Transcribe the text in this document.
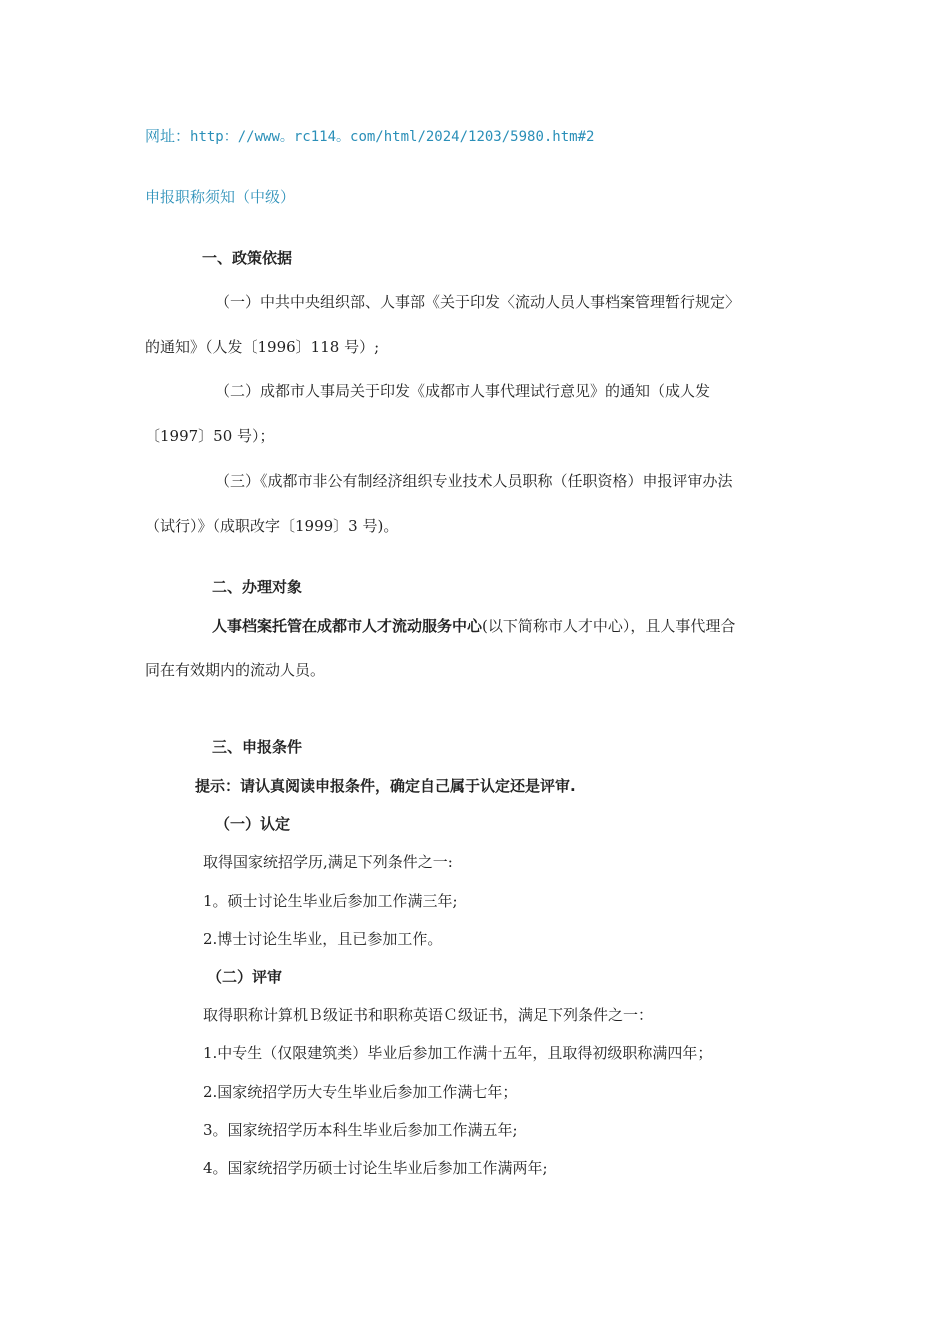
网址：http：//www。rc114。com/html/2024/1203/5980.htm#2
申报职称须知（中级）
一、政策依据
（一）中共中央组织部、人事部《关于印发〈流动人员人事档案管理暂行规定〉
的通知》（人发〔1996〕118 号）;
（二）成都市人事局关于印发《成都市人事代理试行意见》的通知（成人发
〔1997〕50 号）；
（三）《成都市非公有制经济组织专业技术人员职称（任职资格）申报评审办法
（试行）》（成职改字〔1999〕3 号)。
二、办理对象
人事档案托管在成都市人才流动服务中心(以下简称市人才中心），且人事代理合
同在有效期内的流动人员。
三、申报条件
提示：请认真阅读申报条件，确定自己属于认定还是评审.
（一）认定
取得国家统招学历,满足下列条件之一:
1。硕士讨论生毕业后参加工作满三年;
2.博士讨论生毕业，且已参加工作。
（二）评审
取得职称计算机Ｂ级证书和职称英语Ｃ级证书，满足下列条件之一：
1.中专生（仅限建筑类）毕业后参加工作满十五年，且取得初级职称满四年；
2.国家统招学历大专生毕业后参加工作满七年；
3。国家统招学历本科生毕业后参加工作满五年;
4。国家统招学历硕士讨论生毕业后参加工作满两年;
